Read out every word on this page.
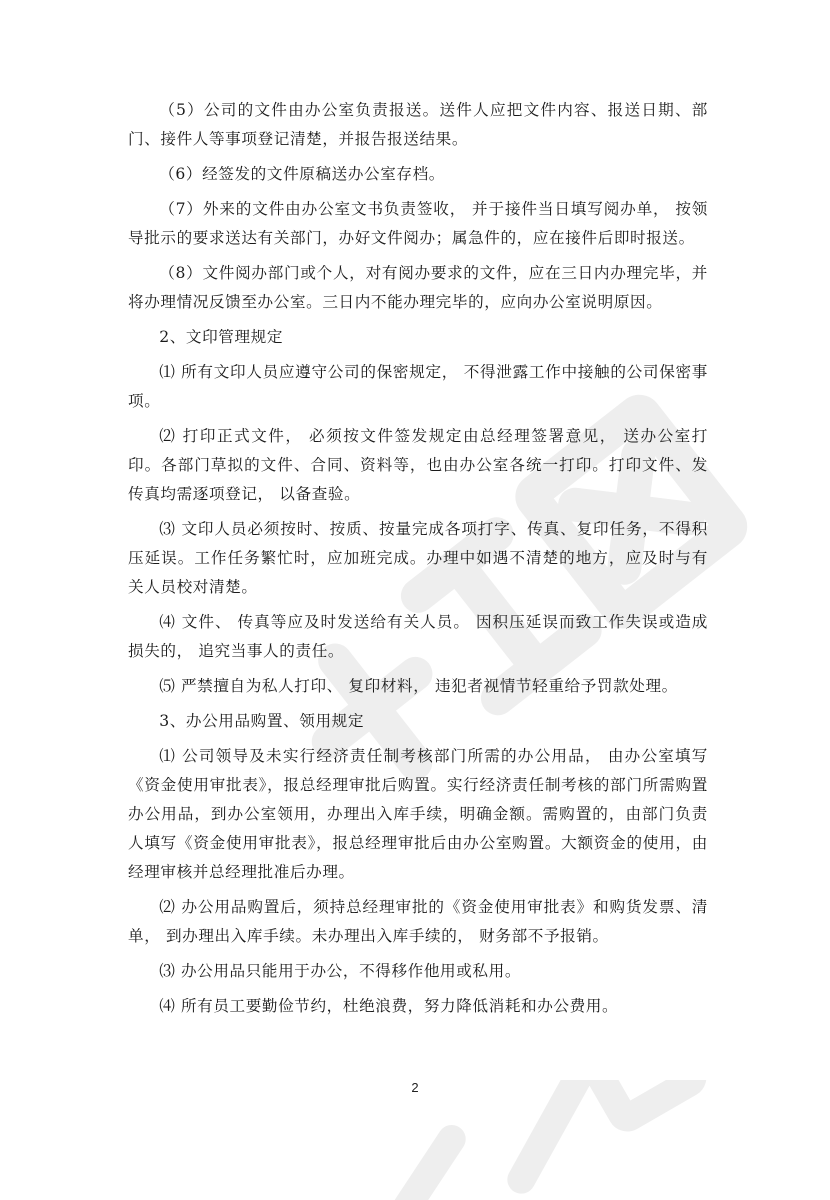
（5）公司的文件由办公室负责报送。送件人应把文件内容、报送日期、部门、接件人等事项登记清楚，并报告报送结果。

（6）经签发的文件原稿送办公室存档。

（7）外来的文件由办公室文书负责签收， 并于接件当日填写阅办单， 按领导批示的要求送达有关部门，办好文件阅办；属急件的，应在接件后即时报送。

（8）文件阅办部门或个人，对有阅办要求的文件，应在三日内办理完毕，并将办理情况反馈至办公室。三日内不能办理完毕的，应向办公室说明原因。

2、文印管理规定

⑴ 所有文印人员应遵守公司的保密规定， 不得泄露工作中接触的公司保密事项。

⑵ 打印正式文件， 必须按文件签发规定由总经理签署意见， 送办公室打印。各部门草拟的文件、合同、资料等，也由办公室各统一打印。打印文件、发传真均需逐项登记， 以备查验。

⑶ 文印人员必须按时、按质、按量完成各项打字、传真、复印任务，不得积压延误。工作任务繁忙时，应加班完成。办理中如遇不清楚的地方，应及时与有关人员校对清楚。

⑷ 文件、 传真等应及时发送给有关人员。 因积压延误而致工作失误或造成损失的， 追究当事人的责任。

⑸ 严禁擅自为私人打印、 复印材料， 违犯者视情节轻重给予罚款处理。

3、办公用品购置、领用规定

⑴ 公司领导及未实行经济责任制考核部门所需的办公用品， 由办公室填写《资金使用审批表》，报总经理审批后购置。实行经济责任制考核的部门所需购置办公用品，到办公室领用，办理出入库手续，明确金额。需购置的，由部门负责人填写《资金使用审批表》，报总经理审批后由办公室购置。大额资金的使用，由经理审核并总经理批准后办理。

⑵ 办公用品购置后，须持总经理审批的《资金使用审批表》和购货发票、清单， 到办理出入库手续。未办理出入库手续的， 财务部不予报销。

⑶ 办公用品只能用于办公，不得移作他用或私用。

⑷ 所有员工要勤俭节约，杜绝浪费，努力降低消耗和办公费用。

2
